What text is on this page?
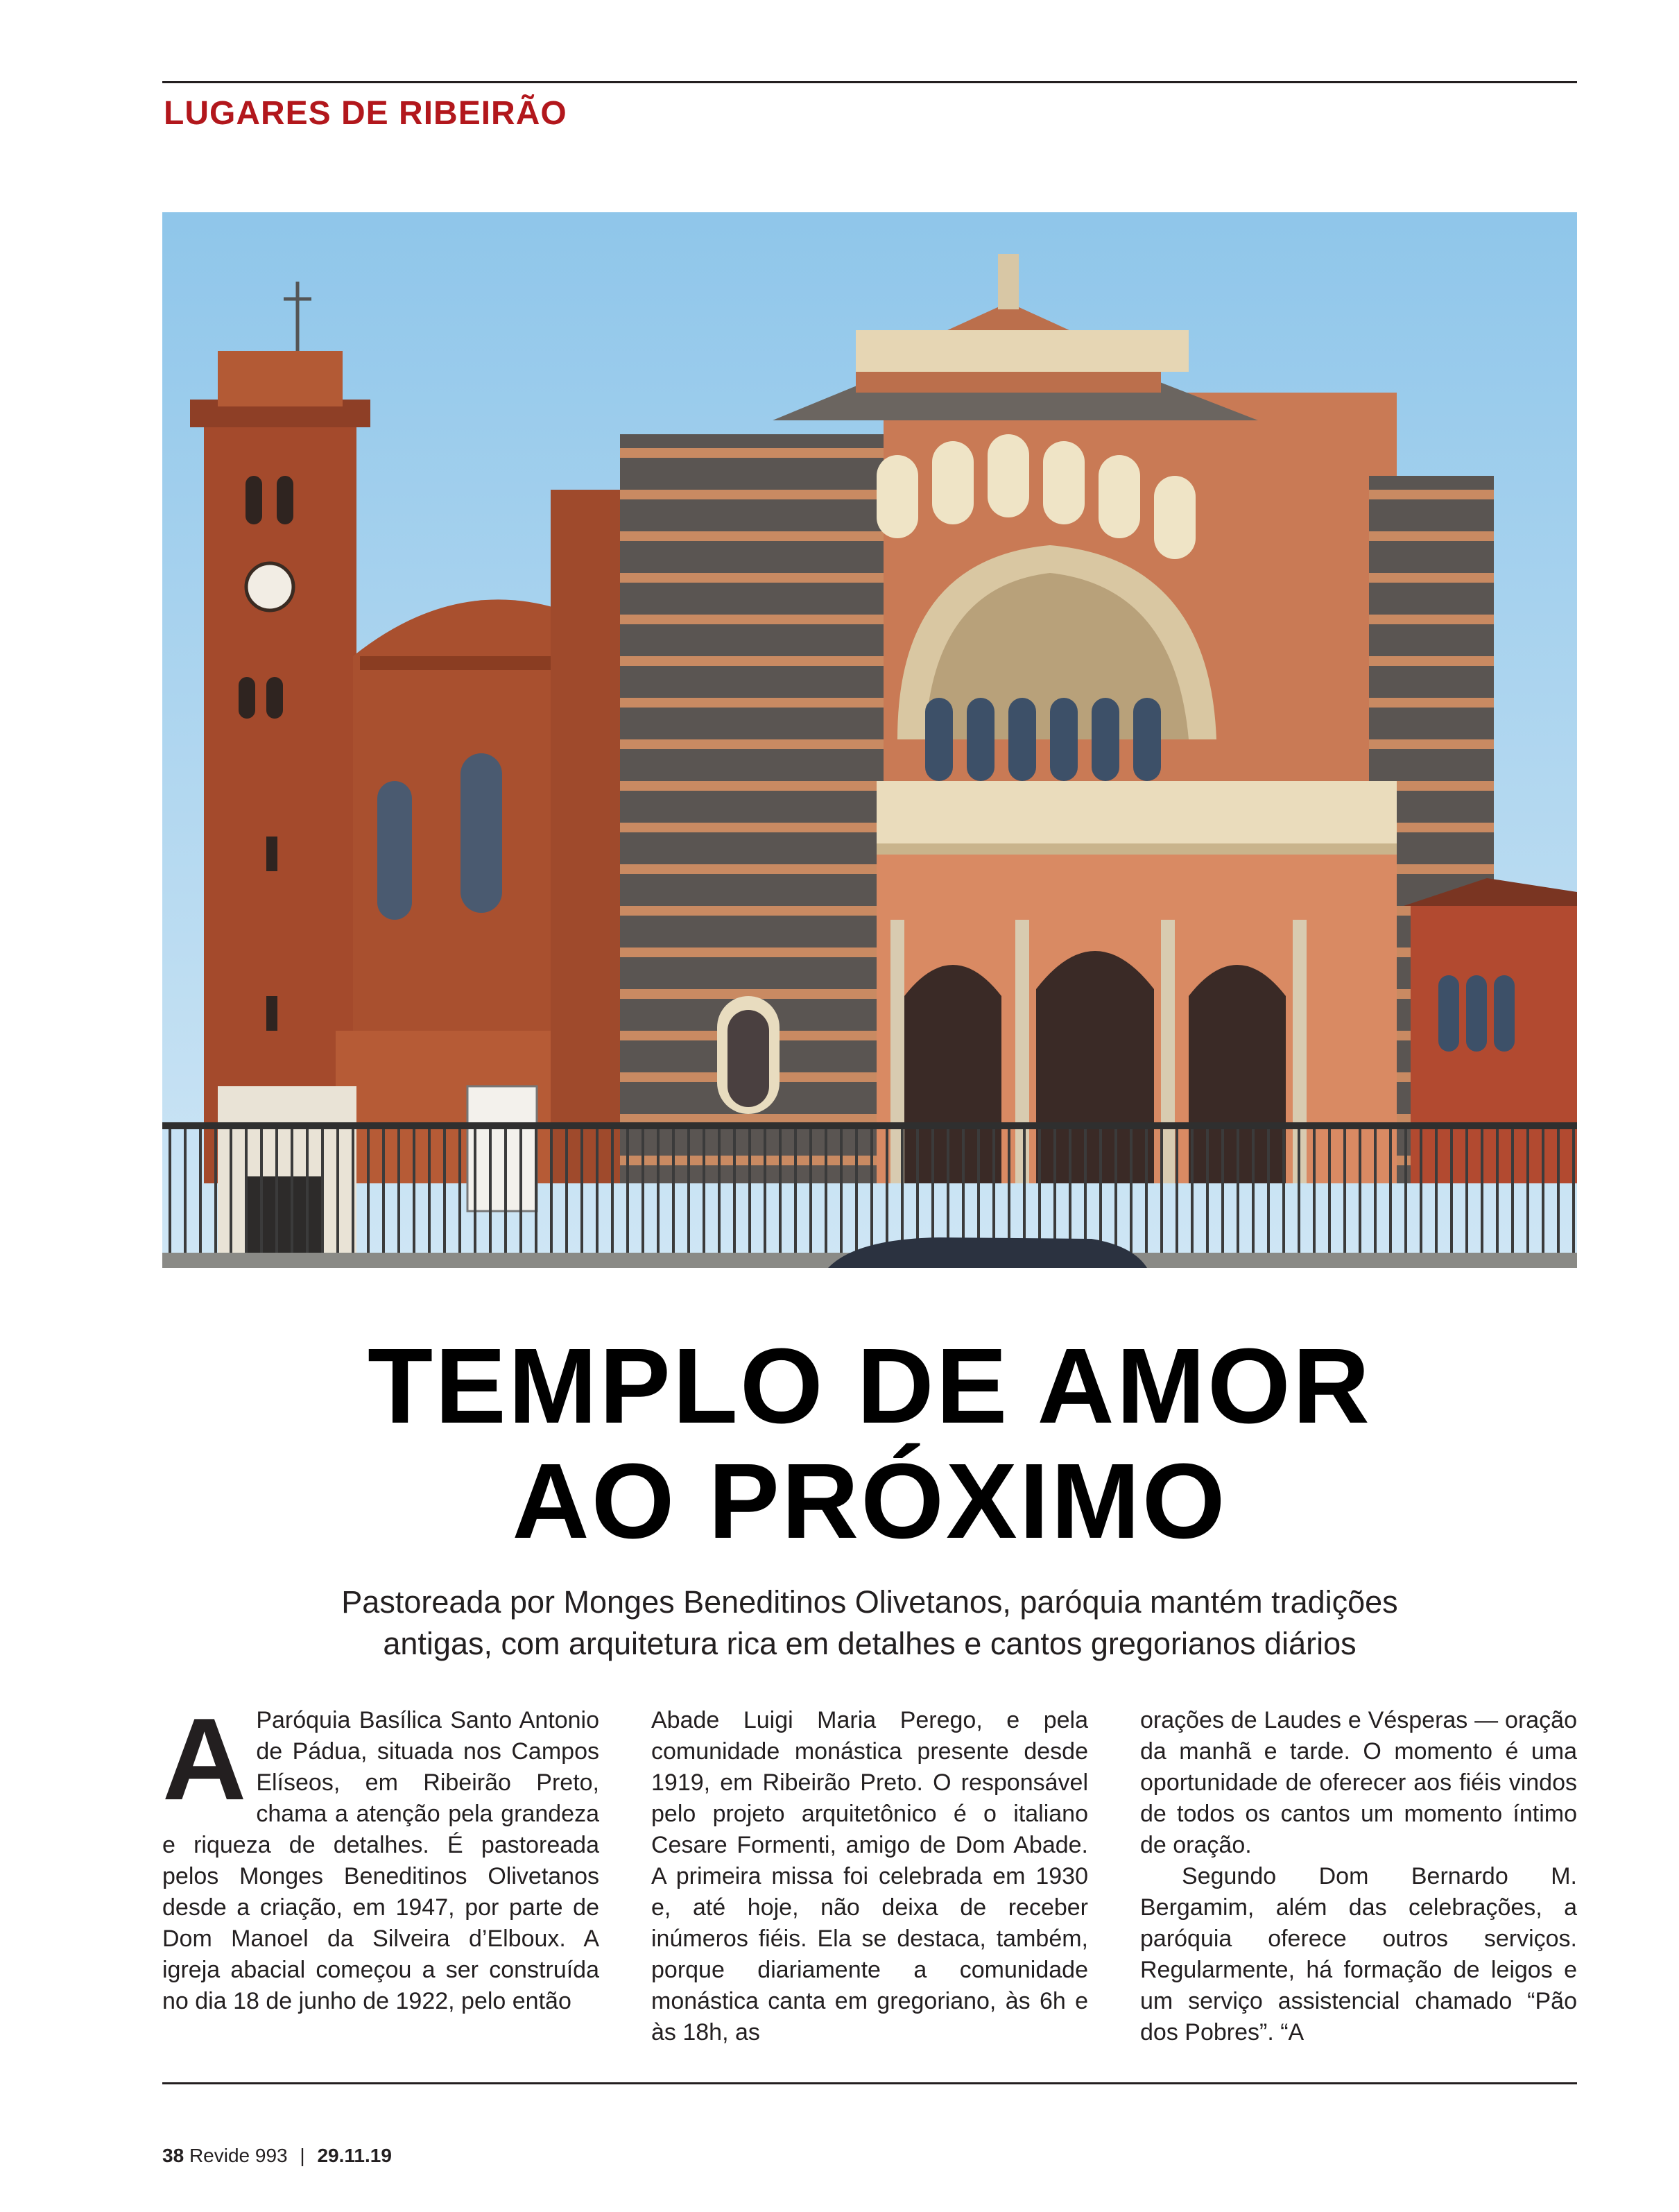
LUGARES DE RIBEIRÃO
TEMPLO DE AMOR
AO PRÓXIMO
Pastoreada por Monges Beneditinos Olivetanos, paróquia mantém tradições
antigas, com arquitetura rica em detalhes e cantos gregorianos diários

A Paróquia Basílica Santo Antonio de Pádua, situada nos Campos Elíseos, em Ribeirão Preto, chama a atenção pela grandeza e riqueza de detalhes. É pastoreada pelos Monges Beneditinos Olivetanos desde a criação, em 1947, por parte de Dom Manoel da Silveira d’Elboux. A igreja abacial começou a ser construída no dia 18 de junho de 1922, pelo então

Abade Luigi Maria Perego, e pela comunidade monástica presente desde 1919, em Ribeirão Preto. O responsável pelo projeto arquitetônico é o italiano Cesare Formenti, amigo de Dom Abade. A primeira missa foi celebrada em 1930 e, até hoje, não deixa de receber inúmeros fiéis. Ela se destaca, também, porque diariamente a comunidade monástica canta em gregoriano, às 6h e às 18h, as

orações de Laudes e Vésperas — oração da manhã e tarde. O momento é uma oportunidade de oferecer aos fiéis vindos de todos os cantos um momento íntimo de oração.

Segundo Dom Bernardo M. Bergamim, além das celebrações, a paróquia oferece outros serviços. Regularmente, há formação de leigos e um serviço assistencial chamado “Pão dos Pobres”. “A

38 Revide 993 | 29.11.19
